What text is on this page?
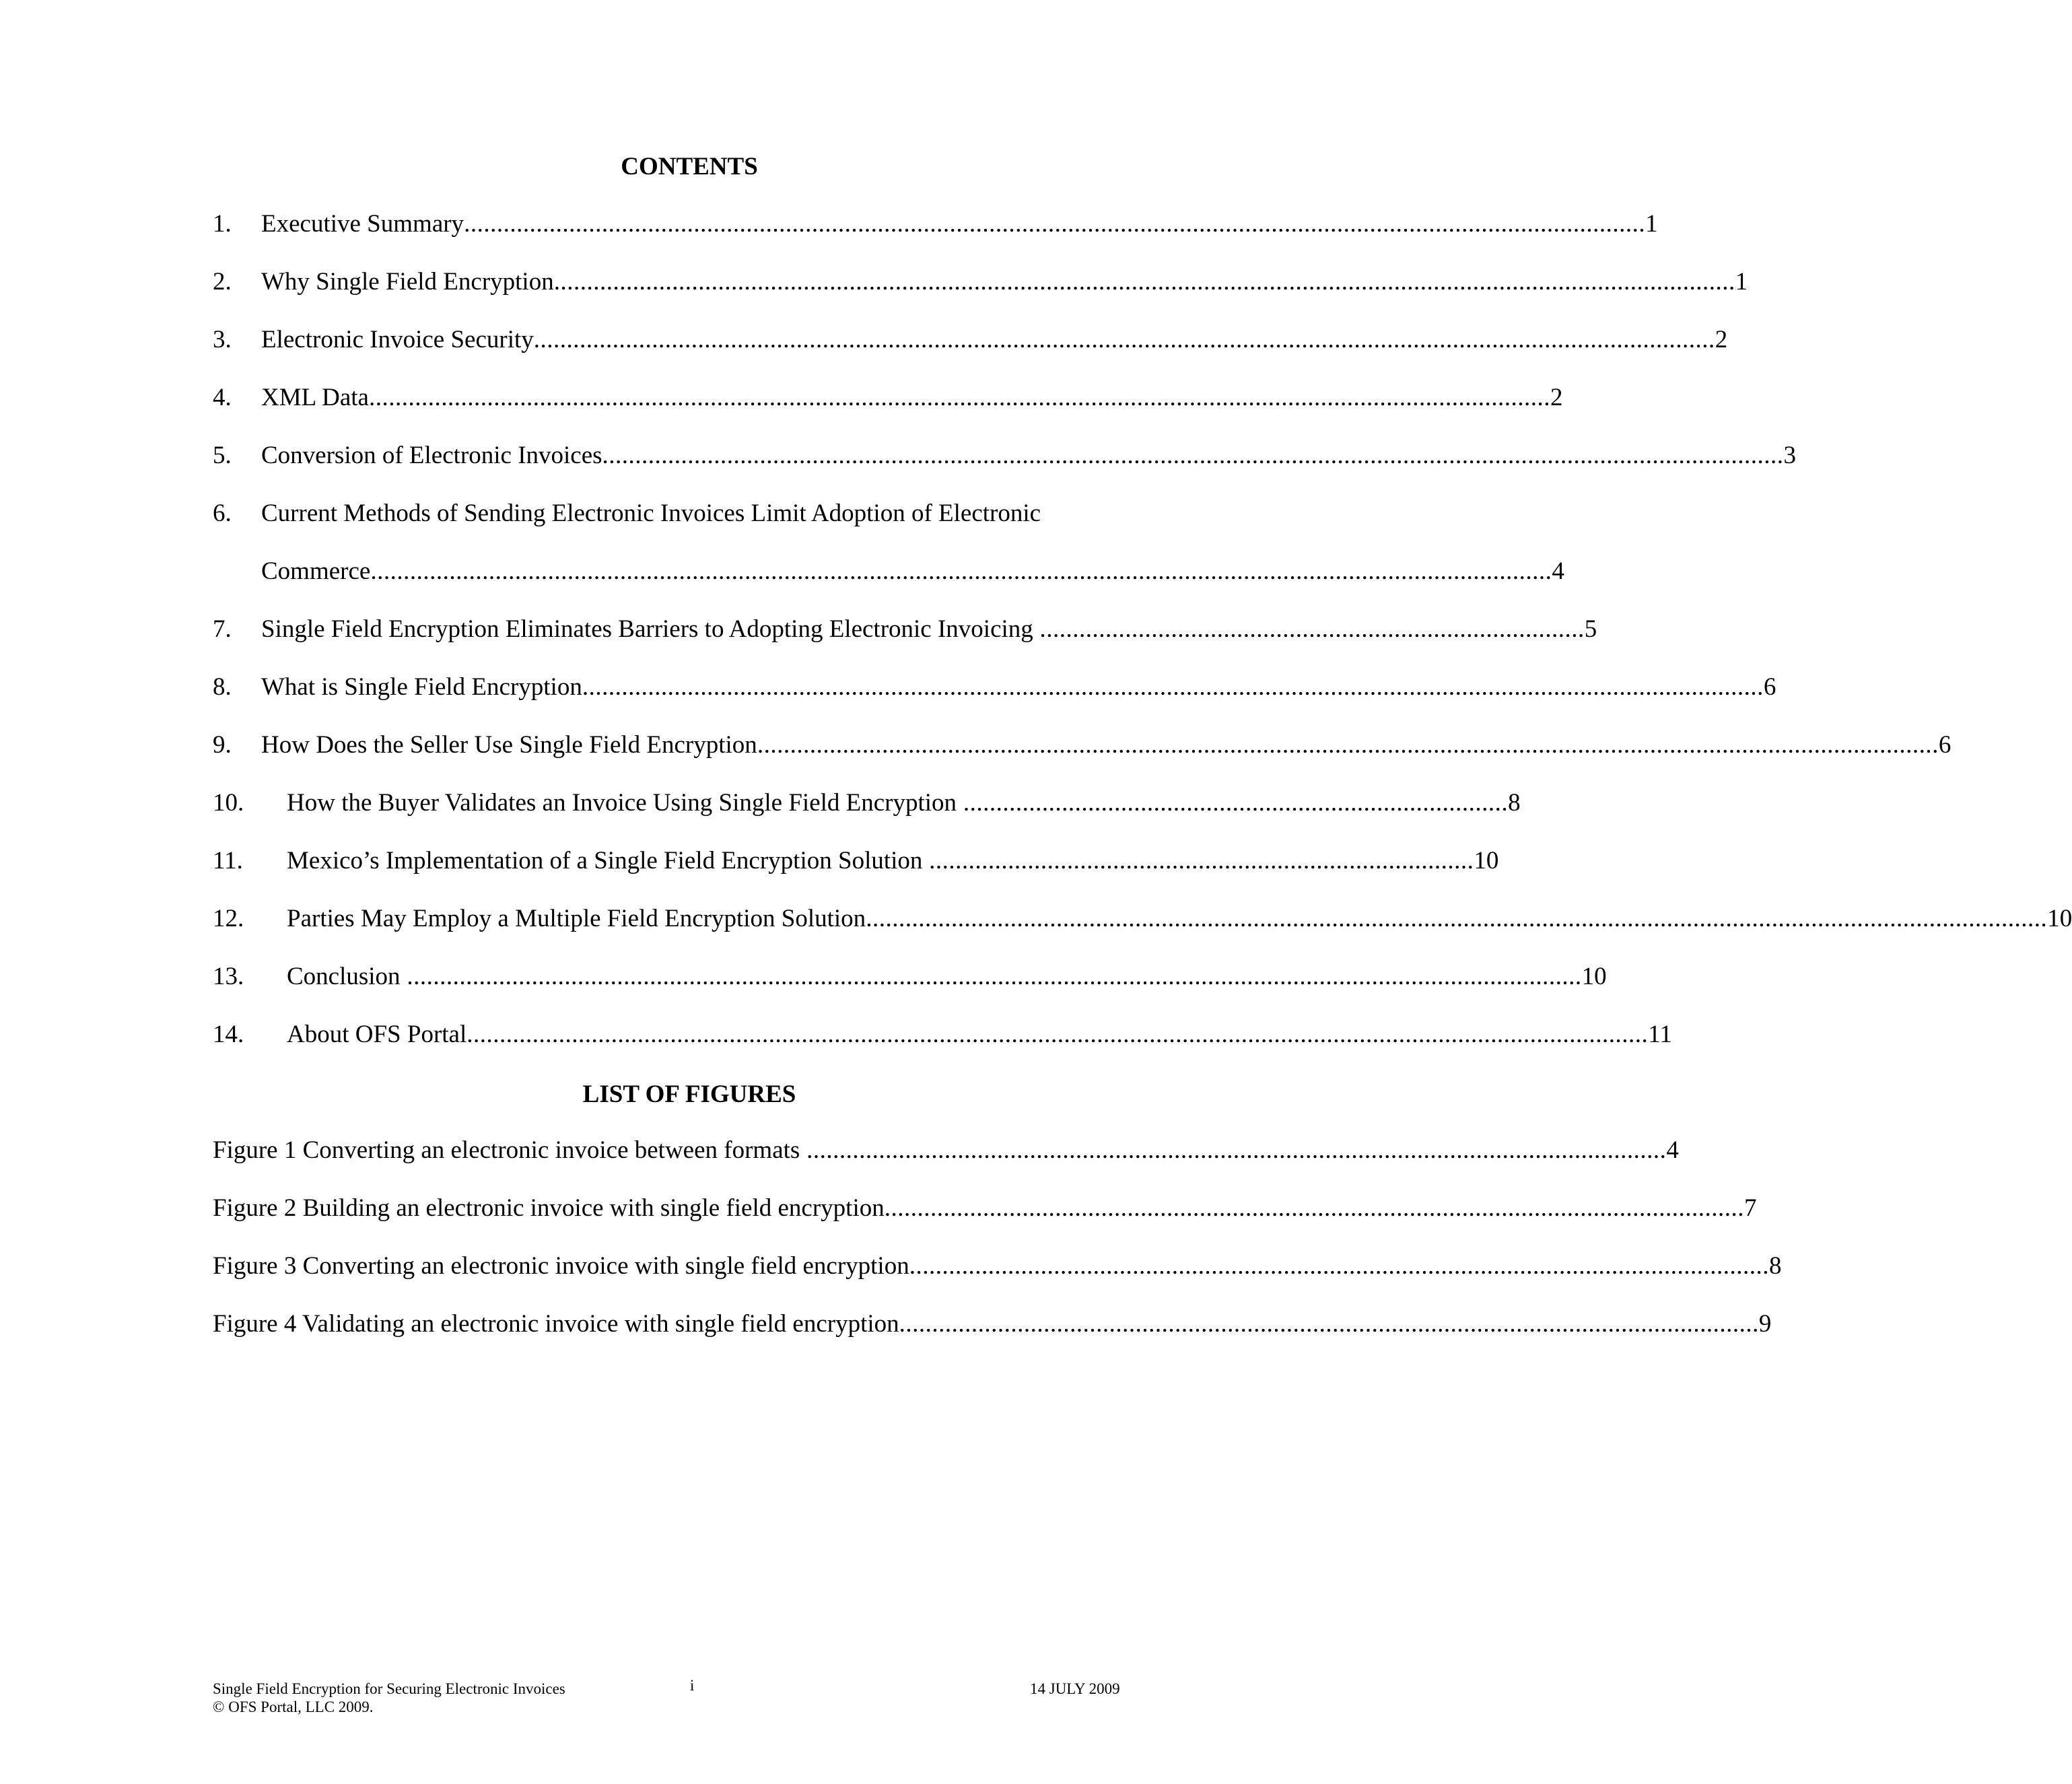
CONTENTS
1. Executive Summary .................................................................................................................................................................................... 1
2. Why Single Field Encryption .................................................................................................................................................................................... 1
3. Electronic Invoice Security .................................................................................................................................................................................... 2
4. XML Data .................................................................................................................................................................................... 2
5. Conversion of Electronic Invoices .................................................................................................................................................................................... 3
6. Current Methods of Sending Electronic Invoices Limit Adoption of Electronic
Commerce .................................................................................................................................................................................... 4
7. Single Field Encryption Eliminates Barriers to Adopting Electronic Invoicing ................................................................................... 5
8. What is Single Field Encryption .................................................................................................................................................................................... 6
9. How Does the Seller Use Single Field Encryption .................................................................................................................................................................................... 6
10. How the Buyer Validates an Invoice Using Single Field Encryption ................................................................................... 8
11. Mexico’s Implementation of a Single Field Encryption Solution ................................................................................... 10
12. Parties May Employ a Multiple Field Encryption Solution .................................................................................................................................................................................... 10
13. Conclusion ................................................................................................................................................................................... 10
14. About OFS Portal .................................................................................................................................................................................... 11
LIST OF FIGURES
Figure 1 Converting an electronic invoice between formats ................................................................................................................................... 4
Figure 2 Building an electronic invoice with single field encryption ................................................................................................................................... 7
Figure 3 Converting an electronic invoice with single field encryption ................................................................................................................................... 8
Figure 4 Validating an electronic invoice with single field encryption ................................................................................................................................... 9
Single Field Encryption for Securing Electronic Invoices
© OFS Portal, LLC 2009.
i	14 JULY 2009
